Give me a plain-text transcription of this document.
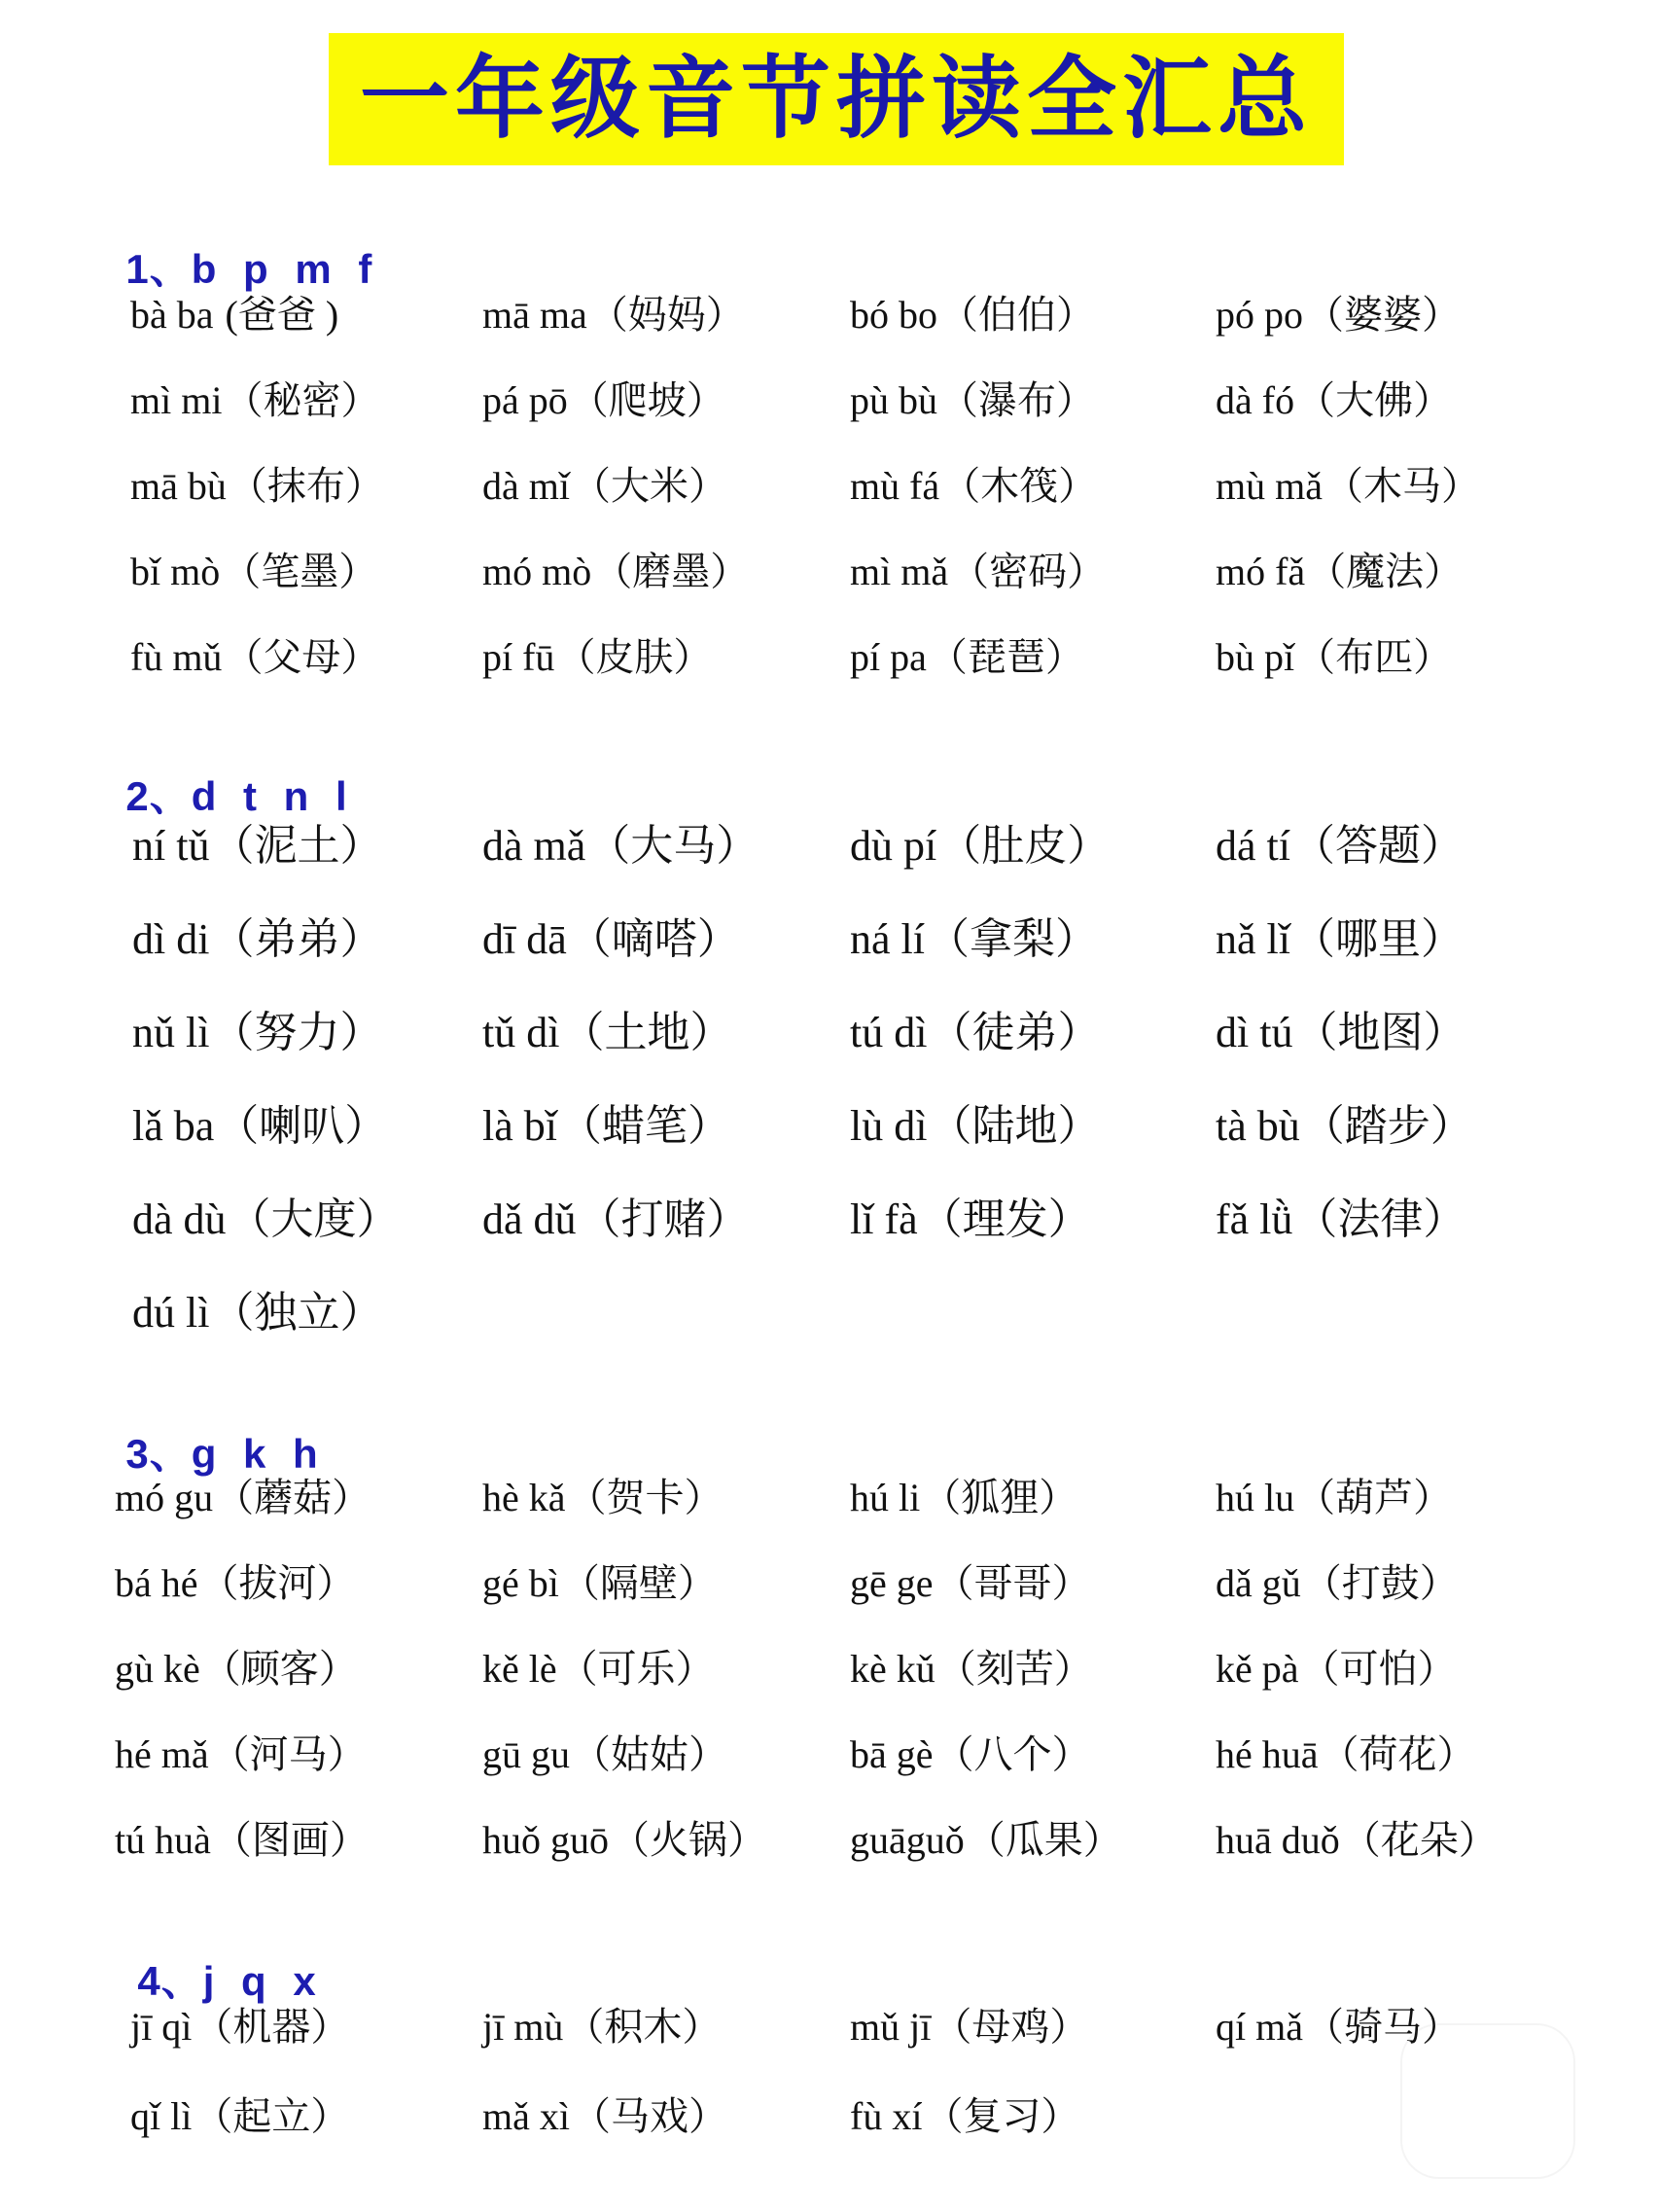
一年级音节拼读全汇总

1、b p m f

bà ba (爸爸 )	mā ma（妈妈）	bó bo（伯伯）	pó po（婆婆）
mì mi（秘密）	pá pō（爬坡）	pù bù（瀑布）	dà fó（大佛）
mā bù（抹布）	dà mǐ（大米）	mù fá（木筏）	mù mǎ（木马）
bǐ mò（笔墨）	mó mò（磨墨）	mì mǎ（密码）	mó fǎ（魔法）
fù mǔ（父母）	pí fū（皮肤）	pí pa（琵琶）	bù pǐ（布匹）

2、d t n l

ní tǔ（泥土） dà mǎ（大马） dù pí（肚皮） dá tí（答题）
dì di（弟弟） dī dā（嘀嗒）	ná lí（拿梨）	nǎ lǐ（哪里）
nǔ lì（努力） tǔ dì（土地）	tú dì（徒弟）	dì tú（地图）
lǎ ba（喇叭） là bǐ（蜡笔）	lù dì（陆地）	tà bù（踏步）
dà dù（大度） dǎ dǔ（打赌） lǐ fà（理发）	fǎ lǜ（法律）
dú lì（独立）

3、g k h

mó gu（蘑菇）	hè kǎ（贺卡）	hú li（狐狸）	hú lu（葫芦）
bá hé（拔河）	gé bì（隔壁）	gē ge（哥哥）	dǎ gǔ（打鼓）
gù kè（顾客）	kě lè（可乐）	kè kǔ（刻苦）	kě pà（可怕）
hé mǎ（河马）	gū gu（姑姑）	bā gè（八个）	hé huā（荷花）
tú huà（图画）	huǒ guō（火锅） guāguǒ（瓜果） huā duǒ（花朵）

4、j q x

jī qì（机器）	jī mù（积木）	mǔ jī（母鸡）	qí mǎ（骑马）
qǐ lì（起立）	mǎ xì（马戏）	fù xí（复习）
